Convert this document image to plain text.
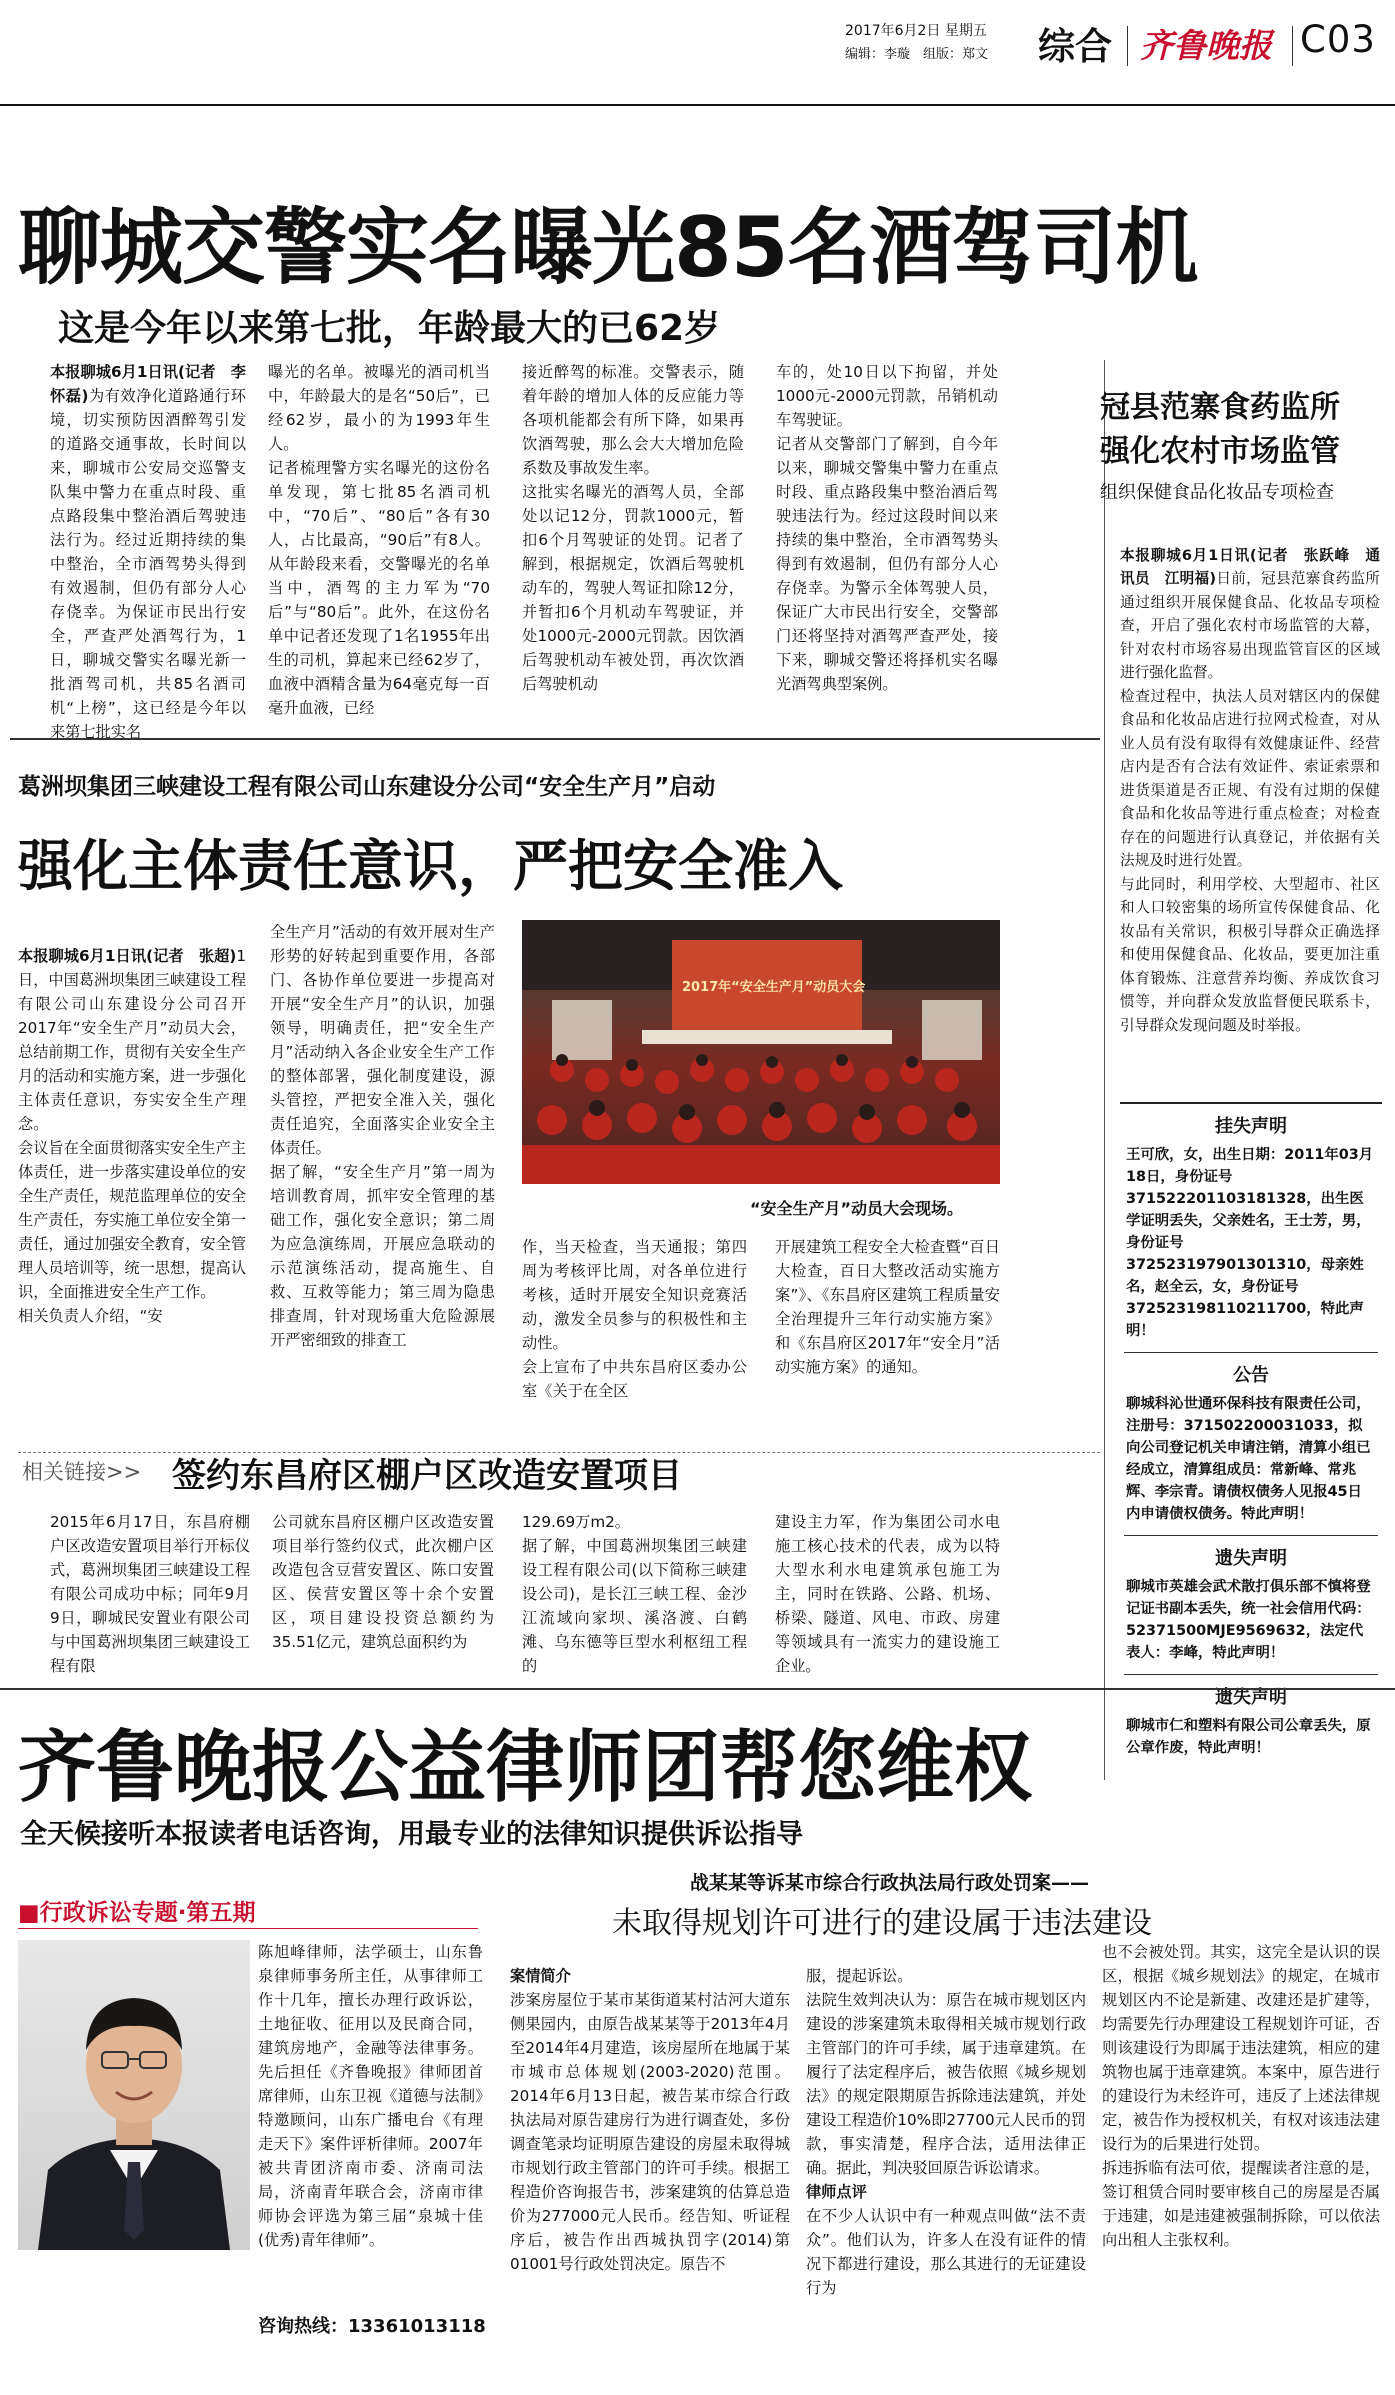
2017年6月2日 星期五
编辑：李璇　组版：郑文 综合 齐鲁晚报 C03
聊城交警实名曝光85名酒驾司机
这是今年以来第七批，年龄最大的已62岁
本报聊城6月1日讯(记者　李怀磊)为有效净化道路通行环境，切实预防因酒醉驾引发的道路交通事故，长时间以来，聊城市公安局交巡警支队集中警力在重点时段、重点路段集中整治酒后驾驶违法行为。经过近期持续的集中整治，全市酒驾势头得到有效遏制，但仍有部分人心存侥幸。为保证市民出行安全，严查严处酒驾行为，1日，聊城交警实名曝光新一批酒驾司机，共85名酒司机“上榜”，这已经是今年以来第七批实名
曝光的名单。被曝光的酒司机当中，年龄最大的是名“50后”，已经62岁，最小的为1993年生人。
记者梳理警方实名曝光的这份名单发现，第七批85名酒司机中，“70后”、“80后”各有30人，占比最高，“90后”有8人。从年龄段来看，交警曝光的名单当中，酒驾的主力军为“70后”与“80后”。此外，在这份名单中记者还发现了1名1955年出生的司机，算起来已经62岁了，血液中酒精含量为64毫克每一百毫升血液，已经
接近醉驾的标准。交警表示，随着年龄的增加人体的反应能力等各项机能都会有所下降，如果再饮酒驾驶，那么会大大增加危险系数及事故发生率。
这批实名曝光的酒驾人员，全部处以记12分，罚款1000元，暂扣6个月驾驶证的处罚。记者了解到，根据规定，饮酒后驾驶机动车的，驾驶人驾证扣除12分，并暂扣6个月机动车驾驶证，并处1000元-2000元罚款。因饮酒后驾驶机动车被处罚，再次饮酒后驾驶机动
车的，处10日以下拘留，并处1000元-2000元罚款，吊销机动车驾驶证。
记者从交警部门了解到，自今年以来，聊城交警集中警力在重点时段、重点路段集中整治酒后驾驶违法行为。经过这段时间以来持续的集中整治，全市酒驾势头得到有效遏制，但仍有部分人心存侥幸。为警示全体驾驶人员，保证广大市民出行安全，交警部门还将坚持对酒驾严查严处，接下来，聊城交警还将择机实名曝光酒驾典型案例。
冠县范寨食药监所
强化农村市场监管
组织保健食品化妆品专项检查

本报聊城6月1日讯(记者　张跃峰　通讯员　江明福)日前，冠县范寨食药监所通过组织开展保健食品、化妆品专项检查，开启了强化农村市场监管的大幕，针对农村市场容易出现监管盲区的区域进行强化监督。
检查过程中，执法人员对辖区内的保健食品和化妆品店进行拉网式检查，对从业人员有没有取得有效健康证件、经营店内是否有合法有效证件、索证索票和进货渠道是否正规、有没有过期的保健食品和化妆品等进行重点检查；对检查存在的问题进行认真登记，并依据有关法规及时进行处置。
与此同时，利用学校、大型超市、社区和人口较密集的场所宣传保健食品、化妆品有关常识，积极引导群众正确选择和使用保健食品、化妆品，要更加注重体育锻炼、注意营养均衡、养成饮食习惯等，并向群众发放监督便民联系卡，引导群众发现问题及时举报。

挂失声明
王可欣，女，出生日期：2011年03月18日，身份证号371522201103181328，出生医学证明丢失，父亲姓名，王士芳，男，身份证号372523197901301310，母亲姓名，赵全云，女，身份证号372523198110211700，特此声明！
公告
聊城科沁世通环保科技有限责任公司，注册号：371502200031033，拟向公司登记机关申请注销，清算小组已经成立，清算组成员：常新峰、常兆辉、李宗青。请债权债务人见报45日内申请债权债务。特此声明！
遗失声明
聊城市英雄会武术散打俱乐部不慎将登记证书副本丢失，统一社会信用代码：52371500MJE9569632，法定代表人：李峰，特此声明！
遗失声明
聊城市仁和塑料有限公司公章丢失，原公章作废，特此声明！
葛洲坝集团三峡建设工程有限公司山东建设分公司“安全生产月”启动
强化主体责任意识，严把安全准入

本报聊城6月1日讯(记者　张超)1日，中国葛洲坝集团三峡建设工程有限公司山东建设分公司召开2017年“安全生产月”动员大会，总结前期工作，贯彻有关安全生产月的活动和实施方案，进一步强化主体责任意识，夯实安全生产理念。
会议旨在全面贯彻落实安全生产主体责任，进一步落实建设单位的安全生产责任，规范监理单位的安全生产责任，夯实施工单位安全第一责任，通过加强安全教育，安全管理人员培训等，统一思想，提高认识，全面推进安全生产工作。
相关负责人介绍，“安

全生产月”活动的有效开展对生产形势的好转起到重要作用，各部门、各协作单位要进一步提高对开展“安全生产月”的认识，加强领导，明确责任，把“安全生产月”活动纳入各企业安全生产工作的整体部署，强化制度建设，源头管控，严把安全准入关，强化责任追究，全面落实企业安全主体责任。
据了解，“安全生产月”第一周为培训教育周，抓牢安全管理的基础工作，强化安全意识；第二周为应急演练周，开展应急联动的示范演练活动，提高施生、自救、互救等能力；第三周为隐患排查周，针对现场重大危险源展开严密细致的排查工
2017年“安全生产月”动员大会
“安全生产月”动员大会现场。
作，当天检查，当天通报；第四周为考核评比周，对各单位进行考核，适时开展安全知识竞赛活动，激发全员参与的积极性和主动性。
会上宣布了中共东昌府区委办公室《关于在全区
开展建筑工程安全大检查暨“百日大检查，百日大整改活动实施方案”》、《东昌府区建筑工程质量安全治理提升三年行动实施方案》和《东昌府区2017年“安全月”活动实施方案》的通知。
相关链接>> 签约东昌府区棚户区改造安置项目
2015年6月17日，东昌府棚户区改造安置项目举行开标仪式，葛洲坝集团三峡建设工程有限公司成功中标；同年9月9日，聊城民安置业有限公司与中国葛洲坝集团三峡建设工程有限
公司就东昌府区棚户区改造安置项目举行签约仪式，此次棚户区改造包含豆营安置区、陈口安置区、侯营安置区等十余个安置区，项目建设投资总额约为35.51亿元，建筑总面积约为
129.69万m2。
据了解，中国葛洲坝集团三峡建设工程有限公司(以下简称三峡建设公司)，是长江三峡工程、金沙江流域向家坝、溪洛渡、白鹤滩、乌东德等巨型水利枢纽工程的
建设主力军，作为集团公司水电施工核心技术的代表，成为以特大型水利水电建筑承包施工为主，同时在铁路、公路、机场、桥梁、隧道、风电、市政、房建等领域具有一流实力的建设施工企业。
齐鲁晚报公益律师团帮您维权
全天候接听本报读者电话咨询，用最专业的法律知识提供诉讼指导
■行政诉讼专题·第五期
战某某等诉某市综合行政执法局行政处罚案——
未取得规划许可进行的建设属于违法建设
陈旭峰律师，法学硕士，山东鲁泉律师事务所主任，从事律师工作十几年，擅长办理行政诉讼，土地征收、征用以及民商合同，建筑房地产，金融等法律事务。先后担任《齐鲁晚报》律师团首席律师，山东卫视《道德与法制》特邀顾问，山东广播电台《有理走天下》案件评析律师。2007年被共青团济南市委、济南司法局，济南青年联合会，济南市律师协会评选为第三届“泉城十佳(优秀)青年律师”。
咨询热线：13361013118

案情简介
涉案房屋位于某市某街道某村沽河大道东侧果园内，由原告战某某等于2013年4月至2014年4月建造，该房屋所在地属于某市城市总体规划(2003-2020)范围。2014年6月13日起，被告某市综合行政执法局对原告建房行为进行调查处，多份调查笔录均证明原告建设的房屋未取得城市规划行政主管部门的许可手续。根据工程造价咨询报告书，涉案建筑的估算总造价为277000元人民币。经告知、听证程序后，被告作出西城执罚字(2014)第01001号行政处罚决定。原告不

服，提起诉讼。
法院生效判决认为：原告在城市规划区内建设的涉案建筑未取得相关城市规划行政主管部门的许可手续，属于违章建筑。在履行了法定程序后，被告依照《城乡规划法》的规定限期原告拆除违法建筑，并处建设工程造价10%即27700元人民币的罚款，事实清楚，程序合法，适用法律正确。据此，判决驳回原告诉讼请求。

律师点评
在不少人认识中有一种观点叫做“法不责众”。他们认为，许多人在没有证件的情况下都进行建设，那么其进行的无证建设行为

也不会被处罚。其实，这完全是认识的误区，根据《城乡规划法》的规定，在城市规划区内不论是新建、改建还是扩建等，均需要先行办理建设工程规划许可证，否则该建设行为即属于违法建筑，相应的建筑物也属于违章建筑。本案中，原告进行的建设行为未经许可，违反了上述法律规定，被告作为授权机关，有权对该违法建设行为的后果进行处罚。
拆违拆临有法可依，提醒读者注意的是，签订租赁合同时要审核自己的房屋是否属于违建，如是违建被强制拆除，可以依法向出租人主张权利。
